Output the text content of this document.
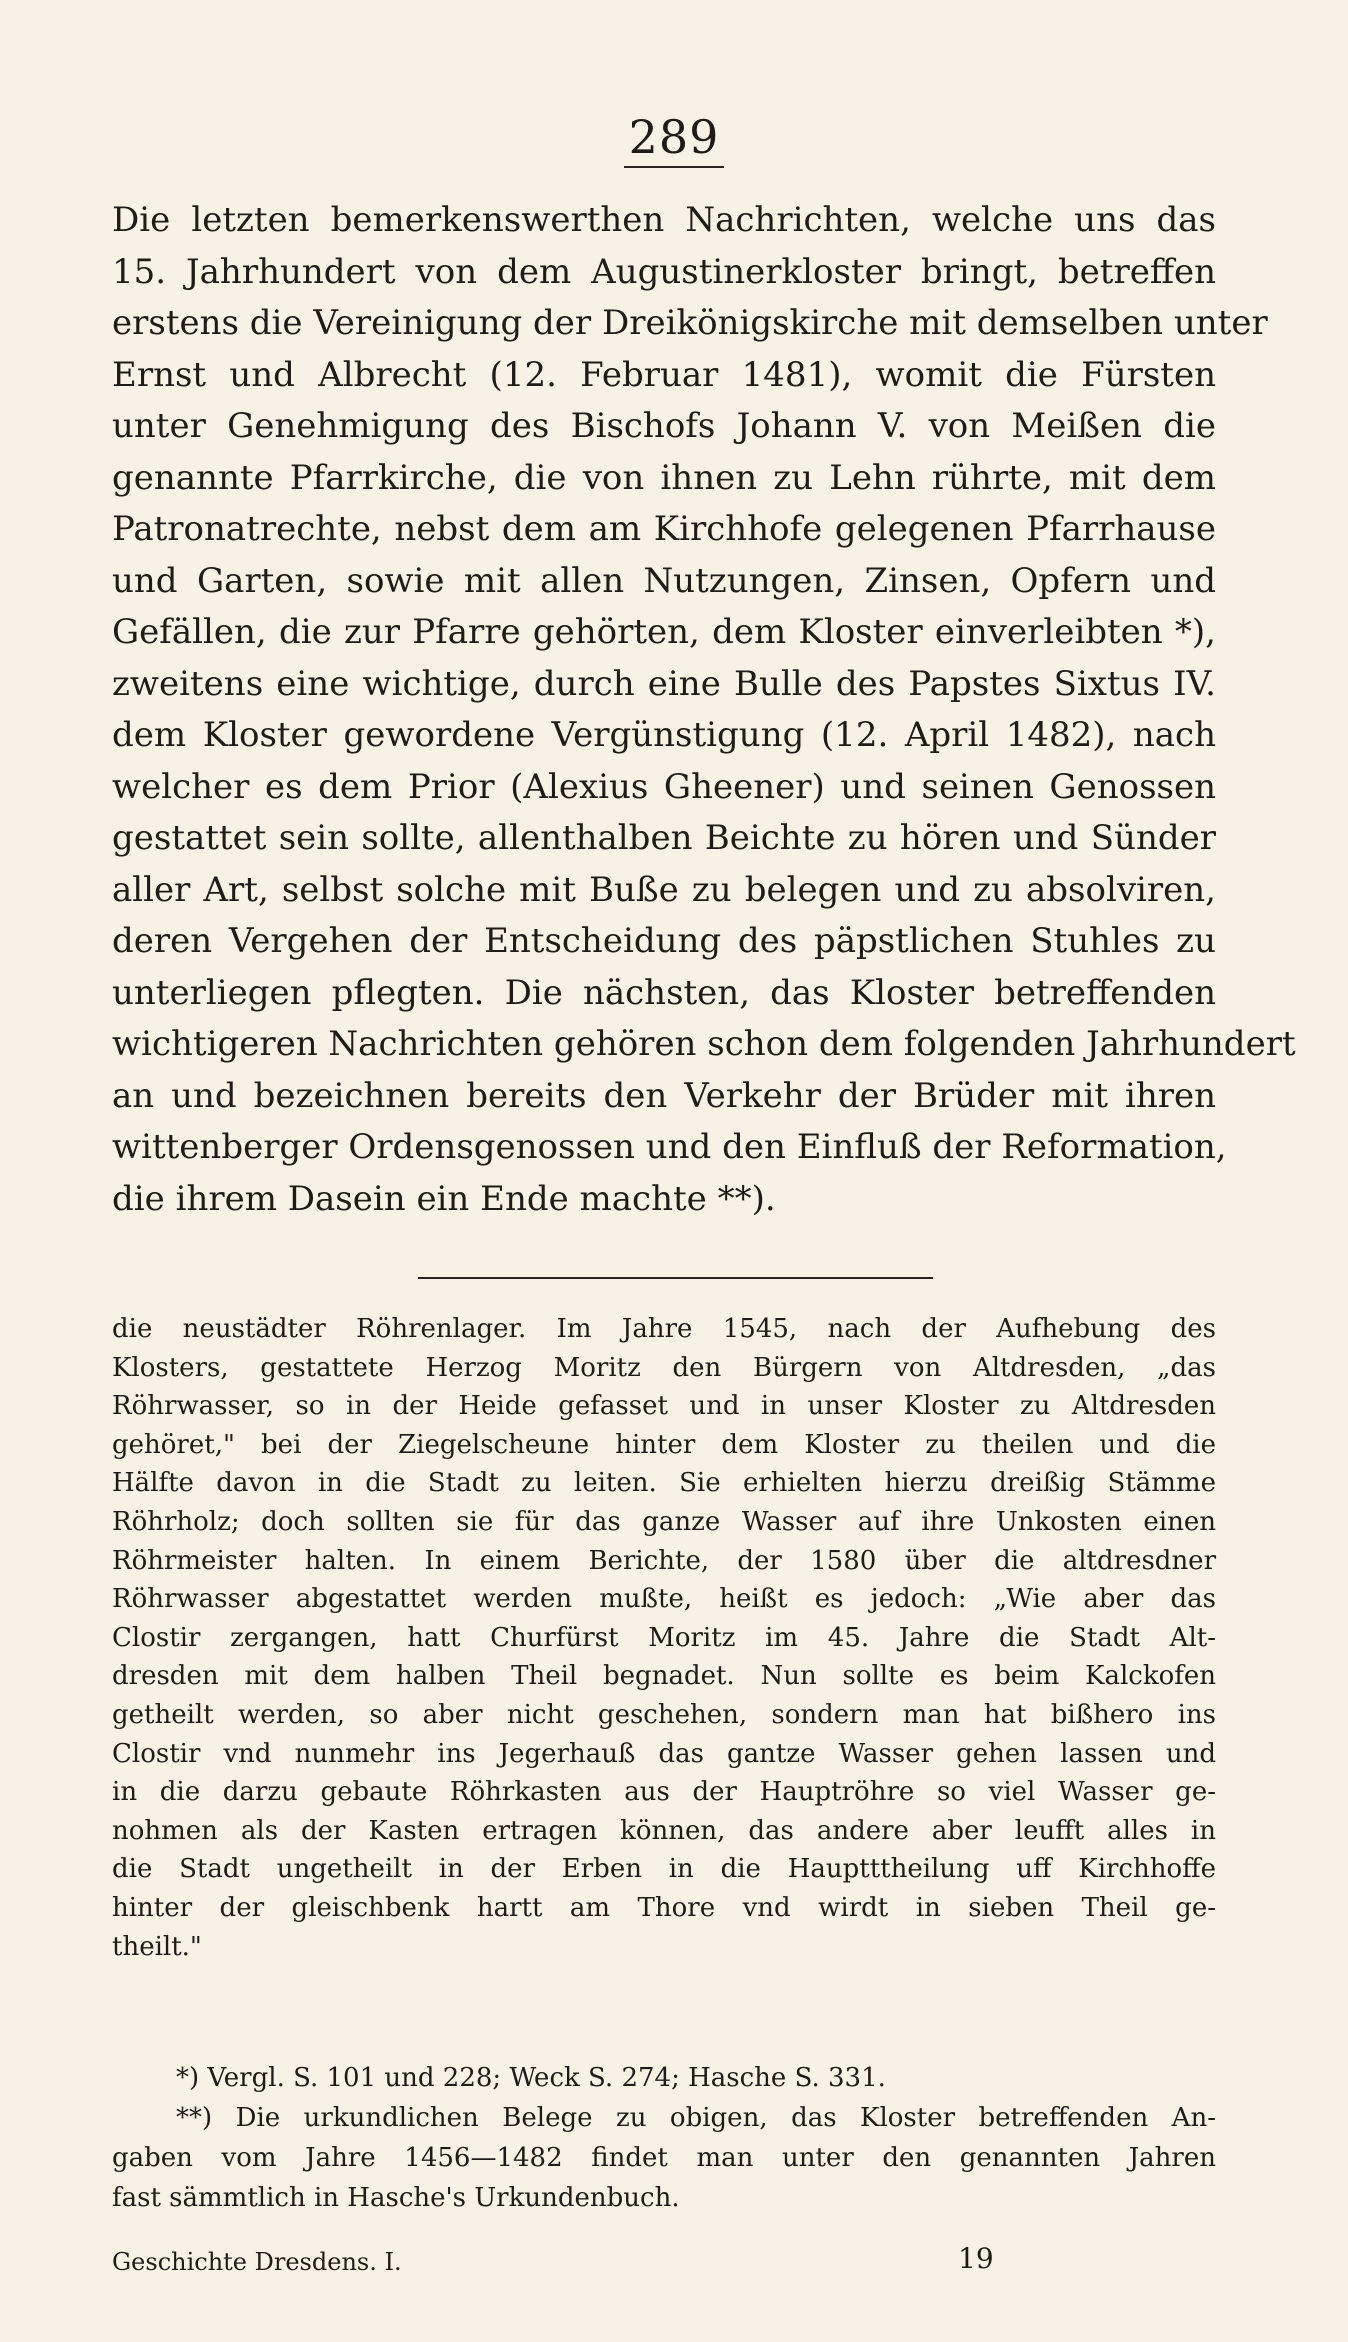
289
Die letzten bemerkenswerthen Nachrichten, welche uns das
15. Jahrhundert von dem Augustinerkloster bringt, betreffen
erstens die Vereinigung der Dreikönigskirche mit demselben unter
Ernst und Albrecht (12. Februar 1481), womit die Fürsten
unter Genehmigung des Bischofs Johann V. von Meißen die
genannte Pfarrkirche, die von ihnen zu Lehn rührte, mit dem
Patronatrechte, nebst dem am Kirchhofe gelegenen Pfarrhause
und Garten, sowie mit allen Nutzungen, Zinsen, Opfern und
Gefällen, die zur Pfarre gehörten, dem Kloster einverleibten *),
zweitens eine wichtige, durch eine Bulle des Papstes Sixtus IV.
dem Kloster gewordene Vergünstigung (12. April 1482), nach
welcher es dem Prior (Alexius Gheener) und seinen Genossen
gestattet sein sollte, allenthalben Beichte zu hören und Sünder
aller Art, selbst solche mit Buße zu belegen und zu absolviren,
deren Vergehen der Entscheidung des päpstlichen Stuhles zu
unterliegen pflegten. Die nächsten, das Kloster betreffenden
wichtigeren Nachrichten gehören schon dem folgenden Jahrhundert
an und bezeichnen bereits den Verkehr der Brüder mit ihren
wittenberger Ordensgenossen und den Einfluß der Reformation,
die ihrem Dasein ein Ende machte **).
die neustädter Röhrenlager. Im Jahre 1545, nach der Aufhebung des
Klosters, gestattete Herzog Moritz den Bürgern von Altdresden, „das
Röhrwasser, so in der Heide gefasset und in unser Kloster zu Altdresden
gehöret," bei der Ziegelscheune hinter dem Kloster zu theilen und die
Hälfte davon in die Stadt zu leiten. Sie erhielten hierzu dreißig Stämme
Röhrholz; doch sollten sie für das ganze Wasser auf ihre Unkosten einen
Röhrmeister halten. In einem Berichte, der 1580 über die altdresdner
Röhrwasser abgestattet werden mußte, heißt es jedoch: „Wie aber das
Clostir zergangen, hatt Churfürst Moritz im 45. Jahre die Stadt Alt-
dresden mit dem halben Theil begnadet. Nun sollte es beim Kalckofen
getheilt werden, so aber nicht geschehen, sondern man hat bißhero ins
Clostir vnd nunmehr ins Jegerhauß das gantze Wasser gehen lassen und
in die darzu gebaute Röhrkasten aus der Hauptröhre so viel Wasser ge-
nohmen als der Kasten ertragen können, das andere aber leufft alles in
die Stadt ungetheilt in der Erben in die Hauptttheilung uff Kirchhoffe
hinter der gleischbenk hartt am Thore vnd wirdt in sieben Theil ge-
theilt."
*) Vergl. S. 101 und 228; Weck S. 274; Hasche S. 331.
**) Die urkundlichen Belege zu obigen, das Kloster betreffenden An-
gaben vom Jahre 1456—1482 findet man unter den genannten Jahren
fast sämmtlich in Hasche's Urkundenbuch.
Geschichte Dresdens. I.	19
